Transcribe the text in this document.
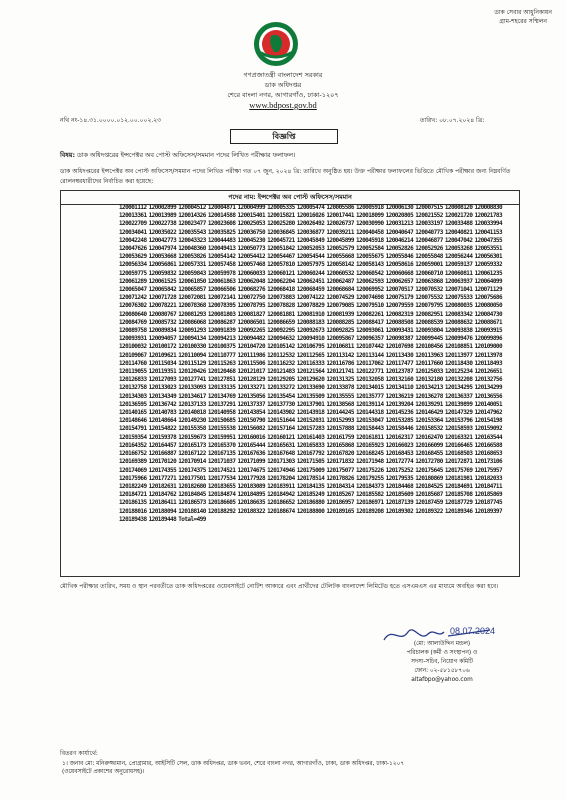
ডাক সেবার আধুনিকায়ন
গ্রাম-শহরের সম্মিলন
গণপ্রজাতন্ত্রী বাংলাদেশ সরকার
ডাক অধিদপ্তর
শেরে বাংলা নগর, আগারগাঁও, ঢাকা-১২০৭
www.bdpost.gov.bd
নথি নং-১৪.৩১.০০০০.০১২.০০.০০২.২৩	তারিখ: ০৮.০৭.২০২৪ খ্রি:
বিজ্ঞপ্তি
বিষয়: ডাক অধিদপ্তরের ইন্সপেক্টর অব পোস্ট অফিসেস/সমমান পদের লিখিত পরীক্ষার ফলাফল।
ডাক অধিদপ্তরের ইন্সপেক্টর অব পোস্ট অফিসেস/সমমান পদের লিখিত পরীক্ষা গত ০৭ জুন, ২০২৪ খ্রি: তারিখে অনুষ্ঠিত হয়। উক্ত পরীক্ষার ফলাফলের ভিত্তিতে মৌখিক পরীক্ষার জন্য নিম্নবর্ণিত রোলনম্বরধারীদের নির্বাচিত করা হয়েছে:
পদের নাম: ইন্সপেক্টর অব পোস্ট অফিসেস/সমমান
120001112 120002899 120004512 120004871 120004999 120005335 120005474 120005586 120005918 120006130 120007515 120008120 120008830 120013361 120013989 120014326 120014588 120015401 120015821 120016026 120017441 120018099 120020805 120021552 120021720 120021783 120022709 120022738 120023477 120023608 120025053 120025280 120026492 120026737 120030990 120031213 120033197 120033488 120033994 120034041 120035022 120035543 120035825 120036750 120036845 120036877 120039211 120040458 120040647 120040773 120040821 120041153 120042248 120042773 120043323 120044483 120045230 120045721 120045849 120045899 120045918 120046214 120046877 120047042 120047355 120047626 120047974 120048360 120049413 120050773 120051842 120052053 120052579 120052584 120052826 120052926 120053268 120053551 120053629 120053668 120053826 120054142 120054412 120054467 120054544 120055668 120055675 120055846 120055848 120056244 120056301 120056334 120056861 120057331 120057458 120057468 120057810 120057975 120058142 120058143 120058616 120059001 120059137 120059332 120059775 120059832 120059843 120059978 120060033 120060121 120060244 120060532 120060542 120060668 120060710 120060811 120061235 120061289 120061525 120061850 120061863 120062048 120062204 120062451 120062487 120062593 120062657 120063868 120063937 120064099 120065047 120065842 120065857 120066506 120068276 120068418 120068459 120068684 120069952 120070517 120070532 120071041 120071129 120071242 120071728 120072081 120072141 120072750 120073883 120074122 120074529 120074698 120075179 120075532 120075533 120075686 120076302 120078221 120078368 120078395 120078795 120078828 120078829 120079085 120079510 120079559 120079795 120080035 120080050 120080640 120080767 120081293 120081803 120081827 120081881 120081910 120081939 120082261 120082319 120082951 120083342 120084730 120084769 120085732 120086068 120086287 120086501 120086659 120088183 120088285 120088417 120088508 120088539 120088632 120088671 120089758 120089834 120091293 120091839 120092265 120092295 120092673 120092825 120093061 120093431 120093804 120093838 120093915 120093931 120094057 120094134 120094213 120094482 120094632 120094910 120095867 120096357 120098387 120099445 120099476 120099896 120100032 120100172 120100330 120100375 120104720 120105142 120106795 120106811 120107442 120107698 120108456 120108851 120109000 120109067 120109621 120110094 120110777 120111986 120112532 120112565 120113142 120113144 120113430 120113963 120113977 120113978 120114760 120115034 120115129 120115263 120115506 120116232 120116333 120116786 120117062 120117477 120117660 120118430 120118493 120119055 120119351 120120426 120120468 120121017 120121483 120121564 120121741 120122771 120123787 120125033 120125234 120126651 120126833 120127093 120127741 120127851 120128129 120129205 120129620 120131325 120132058 120132160 120132180 120132208 120132756 120132758 120133023 120133093 120133135 120133271 120133272 120133690 120133878 120134015 120134110 120134213 120134295 120134299 120134303 120134349 120134617 120134769 120135056 120135454 120135509 120135555 120135777 120136219 120136278 120136337 120136556 120136595 120136742 120137133 120137291 120137337 120137730 120137901 120138568 120139114 120139204 120139291 120139899 120140051 120140165 120140783 120140818 120140958 120143854 120143902 120143918 120144245 120144318 120145236 120146429 120147329 120147962 120148646 120148664 120149230 120150685 120150790 120151644 120152031 120152993 120153047 120153285 120153364 120153796 120154198 120154791 120154822 120155358 120155538 120156082 120157164 120157283 120157888 120158443 120158446 120158532 120158593 120159092 120159354 120159378 120159673 120159951 120160016 120160121 120161403 120161759 120161811 120162317 120162470 120163321 120163544 120164352 120164457 120165173 120165370 120165444 120165631 120165833 120165868 120165923 120166023 120166099 120166465 120166588 120166752 120166887 120167122 120167135 120167636 120167648 120167792 120167820 120168245 120168453 120168455 120168503 120168653 120169389 120170120 120170914 120171037 120171099 120171303 120171505 120171832 120171948 120172774 120172780 120172871 120173106 120174069 120174355 120174375 120174521 120174675 120174946 120175009 120175077 120175226 120175252 120175645 120175769 120175957 120175966 120177271 120177501 120177534 120177928 120178204 120178514 120178826 120179255 120179535 120180869 120181981 120182033 120182249 120182631 120182680 120183655 120183089 120183911 120184135 120184314 120184373 120184468 120184525 120184691 120184711 120184721 120184762 120184845 120184874 120184895 120184942 120185249 120185267 120185582 120185609 120185687 120185708 120185869 120186135 120186411 120186573 120186605 120186635 120186652 120186880 120186957 120186971 120187139 120187459 120187729 120187745 120188016 120188094 120188140 120188292 120188322 120188674 120188800 120189165 120189208 120189302 120189322 120189346 120189397 120189438 120189448 Total=499
মৌখিক পরীক্ষার তারিখ, সময় ও স্থান পরবর্তীতে ডাক অধিদপ্তরের ওয়েবসাইটে নোটিশ আকারে এবং প্রার্থীদের টেলিটক বাংলাদেশ লিমিটেড হতে এসএমএস এর মাধ্যমে অবহিত করা হবে।
08.07.2024
(মো: আলাউদ্দিন মন্ডল)
পরিচালক (কর্মী ও সংস্থাপন) ও
সদস্য-সচিব, নিয়োগ কমিটি
ফোন: ০২-৫৮১৫৮৭০৬
altafbpo@yahoo.com
বিতরণ কার্যার্থে:
১। জনাব মো: মনিরুজ্জামান, প্রোগ্রামার, আইসিটি সেল, ডাক অধিদপ্তর, ডাক ভবন, শেরে বাংলা নগর, আগারগাঁও, ঢাকা, ডাক অধিদপ্তর, ঢাকা-১২০৭
(ওয়েবসাইটে প্রকাশের অনুরোধসহ)।
